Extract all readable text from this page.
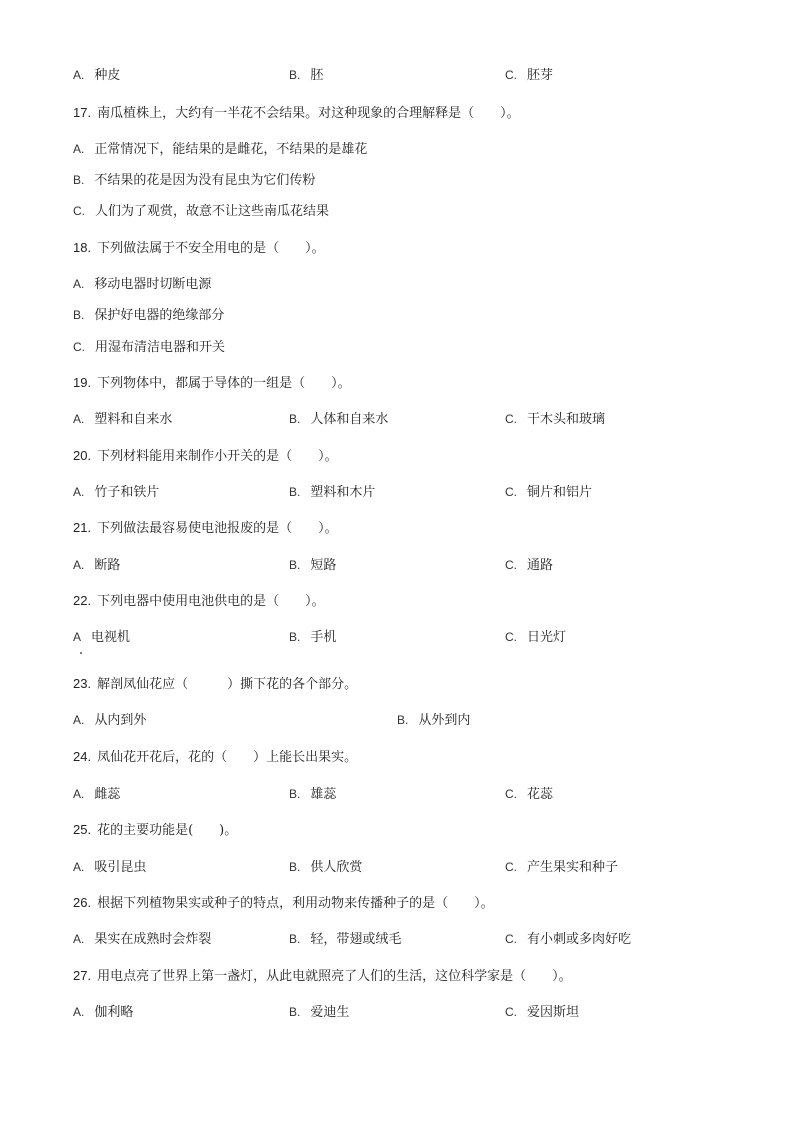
A. 种皮	B. 胚	C. 胚芽
17. 南瓜植株上，大约有一半花不会结果。对这种现象的合理解释是（　　）。
A. 正常情况下，能结果的是雌花，不结果的是雄花
B. 不结果的花是因为没有昆虫为它们传粉
C. 人们为了观赏，故意不让这些南瓜花结果
18. 下列做法属于不安全用电的是（　　）。
A. 移动电器时切断电源
B. 保护好电器的绝缘部分
C. 用湿布清洁电器和开关
19. 下列物体中，都属于导体的一组是（　　）。
A. 塑料和自来水	B. 人体和自来水	C. 干木头和玻璃
20. 下列材料能用来制作小开关的是（　　）。
A. 竹子和铁片	B. 塑料和木片	C. 铜片和铝片
21. 下列做法最容易使电池报废的是（　　）。
A. 断路	B. 短路	C. 通路
22. 下列电器中使用电池供电的是（　　）。
A 电视机	B. 手机	C. 日光灯
23. 解剖凤仙花应（　　　）撕下花的各个部分。
A. 从内到外	B. 从外到内
24. 凤仙花开花后，花的（　　）上能长出果实。
A. 雌蕊	B. 雄蕊	C. 花蕊
25. 花的主要功能是(　　)。
A. 吸引昆虫	B. 供人欣赏	C. 产生果实和种子
26. 根据下列植物果实或种子的特点，利用动物来传播种子的是（　　）。
A. 果实在成熟时会炸裂	B. 轻，带翅或绒毛	C. 有小刺或多肉好吃
27. 用电点亮了世界上第一盏灯，从此电就照亮了人们的生活，这位科学家是（　　）。
A. 伽利略	B. 爱迪生	C. 爱因斯坦
